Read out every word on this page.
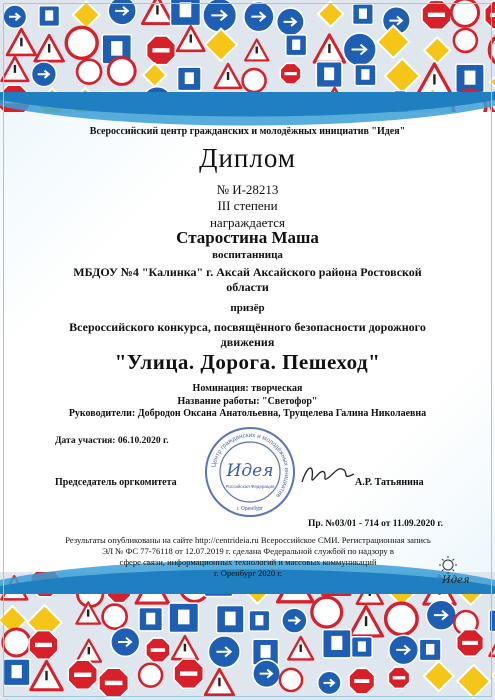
Всероссийский центр гражданских и молодёжных инициатив "Идея"
Диплом
№ И-28213
III степени
награждается
Старостина Маша
воспитанница
МБДОУ №4 "Калинка" г. Аксай Аксайского района Ростовской
области
призёр
Всероссийского конкурса, посвящённого безопасности дорожного
движения
"Улица. Дорога. Пешеход"
Номинация: творческая
Название работы: "Светофор"
Руководители: Добродон Оксана Анатольевна, Трущелева Галина Николаевна
Дата участия: 06.10.2020 г.
Центр гражданских и молодёжных инициатив
Идея
Российская Федерация
г. Оренбург
Председатель оргкомитета	А.Р. Татьянина
Пр. №03/01 - 714 от 11.09.2020 г.
Результаты опубликованы на сайте http://centrideia.ru Всероссийское СМИ. Регистрационная запись
ЭЛ № ФС 77-76118 от 12.07.2019 г. сделана Федеральной службой по надзору в
сфере связи, информационных технологий и массовых коммуникаций
г. Оренбург 2020 г.
Идея
